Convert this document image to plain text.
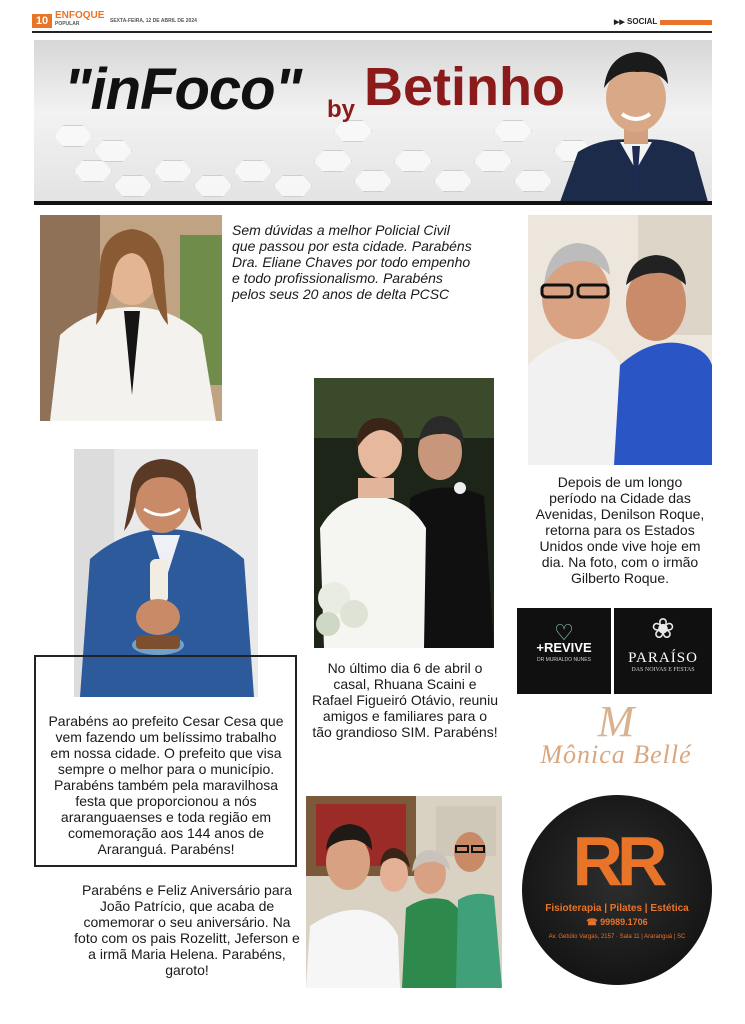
10 ENFOQUE
POPULAR	SEXTA-FEIRA, 12 DE ABRIL DE 2024	▶▶ SOCIAL
"inFoco" by Betinho
Sem dúvidas a melhor Policial Civil que passou por esta cidade. Parabéns Dra. Eliane Chaves por todo empenho e todo profissionalismo. Parabéns pelos seus 20 anos de delta PCSC
Depois de um longo período na Cidade das Avenidas, Denilson Roque, retorna para os Estados Unidos onde vive hoje em dia. Na foto, com o irmão Gilberto Roque.
No último dia 6 de abril o casal, Rhuana Scaini e Rafael Figueiró Otávio, reuniu amigos e familiares para o tão grandioso SIM. Parabéns!
Parabéns ao prefeito Cesar Cesa que vem fazendo um belíssimo trabalho em nossa cidade. O prefeito que visa sempre o melhor para o município. Parabéns também pela maravilhosa festa que proporcionou a nós araranguaenses e toda região em comemoração aos 144 anos de Araranguá. Parabéns!
Parabéns e Feliz Aniversário para João Patrício, que acaba de comemorar o seu aniversário. Na foto com os pais Rozelitt, Jeferson e a irmã Maria Helena. Parabéns, garoto!
♡
+REVIVE
DR MURIALDO NUNES
❀
PARAÍSO
DAS NOIVAS E FESTAS
M
Mônica Bellé
RR
Fisioterapia | Pilates | Estética
☎ 99989.1706
Av. Getúlio Vargas, 2157 · Sala 11 | Araranguá | SC
